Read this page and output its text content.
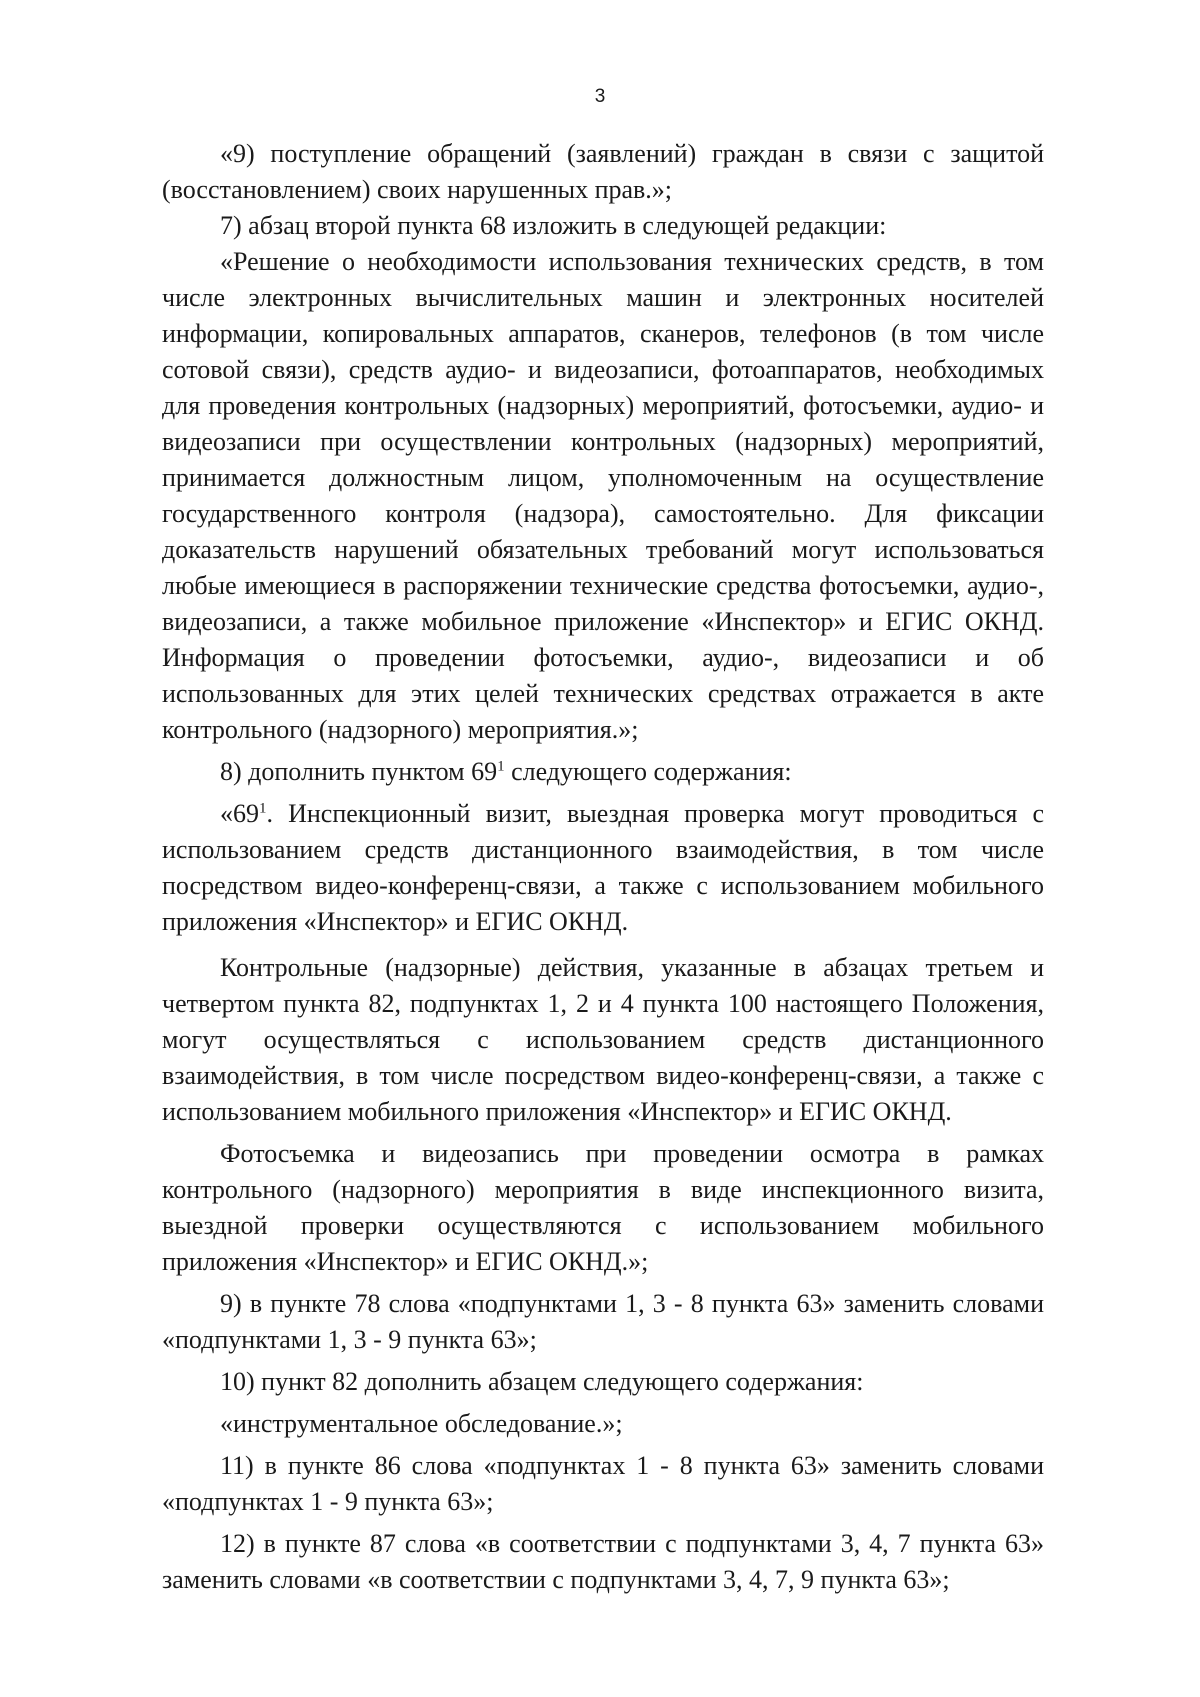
3

«9) поступление обращений (заявлений) граждан в связи с защитой (восстановлением) своих нарушенных прав.»;

7) абзац второй пункта 68 изложить в следующей редакции:

«Решение о необходимости использования технических средств, в том числе электронных вычислительных машин и электронных носителей информации, копировальных аппаратов, сканеров, телефонов (в том числе сотовой связи), средств аудио- и видеозаписи, фотоаппаратов, необходимых для проведения контрольных (надзорных) мероприятий, фотосъемки, аудио- и видеозаписи при осуществлении контрольных (надзорных) мероприятий, принимается должностным лицом, уполномоченным на осуществление государственного контроля (надзора), самостоятельно. Для фиксации доказательств нарушений обязательных требований могут использоваться любые имеющиеся в распоряжении технические средства фотосъемки, аудио-, видеозаписи, а также мобильное приложение «Инспектор» и ЕГИС ОКНД. Информация о проведении фотосъемки, аудио-, видеозаписи и об использованных для этих целей технических средствах отражается в акте контрольного (надзорного) мероприятия.»;

8) дополнить пунктом $69^1$ следующего содержания:

«$69^1$. Инспекционный визит, выездная проверка могут проводиться с использованием средств дистанционного взаимодействия, в том числе посредством видео-конференц-связи, а также с использованием мобильного приложения «Инспектор» и ЕГИС ОКНД.

Контрольные (надзорные) действия, указанные в абзацах третьем и четвертом пункта 82, подпунктах 1, 2 и 4 пункта 100 настоящего Положения, могут осуществляться с использованием средств дистанционного взаимодействия, в том числе посредством видео-конференц-связи, а также с использованием мобильного приложения «Инспектор» и ЕГИС ОКНД.

Фотосъемка и видеозапись при проведении осмотра в рамках контрольного (надзорного) мероприятия в виде инспекционного визита, выездной проверки осуществляются с использованием мобильного приложения «Инспектор» и ЕГИС ОКНД.»;

9) в пункте 78 слова «подпунктами 1, 3 - 8 пункта 63» заменить словами «подпунктами 1, 3 - 9 пункта 63»;

10) пункт 82 дополнить абзацем следующего содержания:

«инструментальное обследование.»;

11) в пункте 86 слова «подпунктах 1 - 8 пункта 63» заменить словами «подпунктах 1 - 9 пункта 63»;

12) в пункте 87 слова «в соответствии с подпунктами 3, 4, 7 пункта 63» заменить словами «в соответствии с подпунктами 3, 4, 7, 9 пункта 63»;
